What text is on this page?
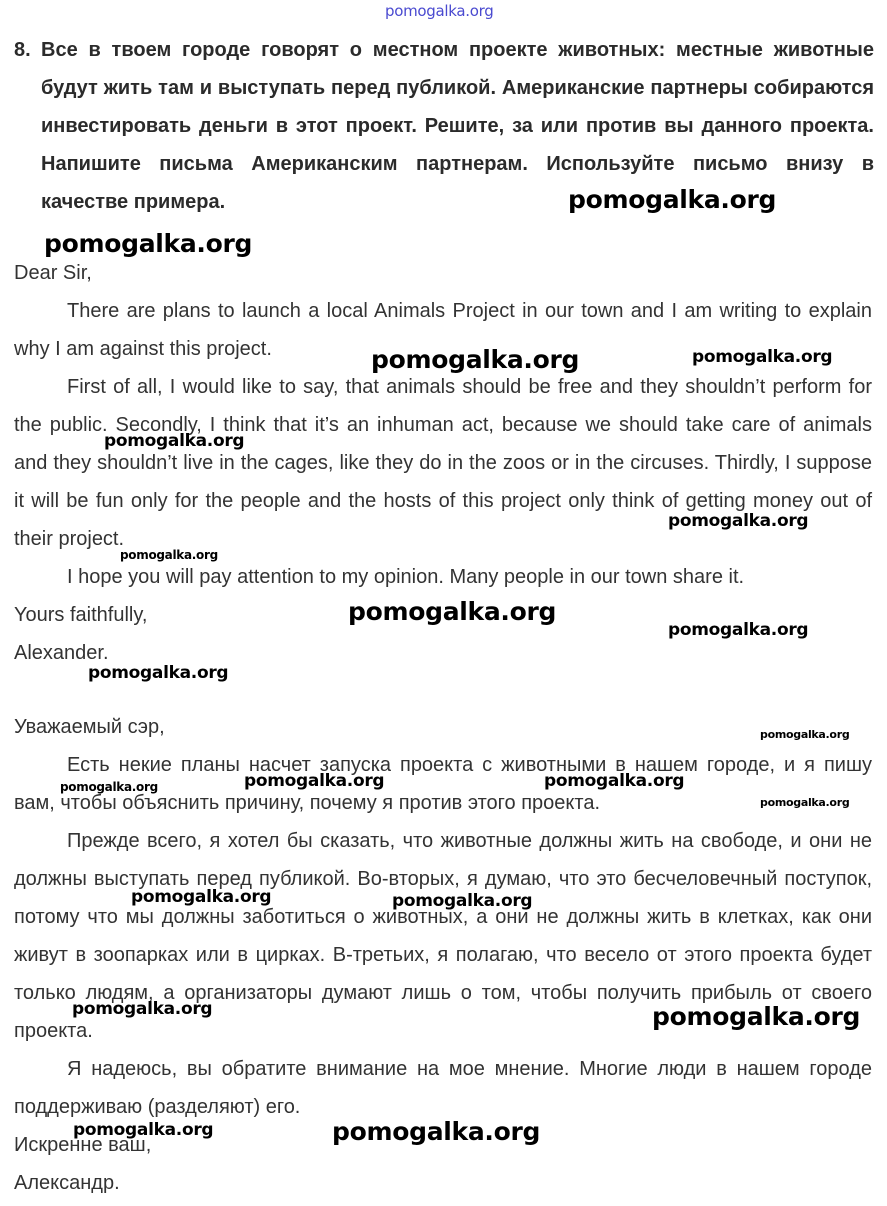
pomogalka.org
8. Все в твоем городе говорят о местном проекте животных: местные животные будут жить там и выступать перед публикой. Американские партнеры собираются инвестировать деньги в этот проект. Решите, за или против вы данного проекта. Напишите письма Американским партнерам. Используйте письмо внизу в качестве примера.

Dear Sir,

There are plans to launch a local Animals Project in our town and I am writing to explain why I am against this project.

First of all, I would like to say, that animals should be free and they shouldn’t perform for the public. Secondly, I think that it’s an inhuman act, because we should take care of animals and they shouldn’t live in the cages, like they do in the zoos or in the circuses. Thirdly, I suppose it will be fun only for the people and the hosts of this project only think of getting money out of their project.

I hope you will pay attention to my opinion. Many people in our town share it.

Yours faithfully,

Alexander.

Уважаемый сэр,

Есть некие планы насчет запуска проекта с животными в нашем городе, и я пишу вам, чтобы объяснить причину, почему я против этого проекта.

Прежде всего, я хотел бы сказать, что животные должны жить на свободе, и они не должны выступать перед публикой. Во-вторых, я думаю, что это бесчеловечный поступок, потому что мы должны заботиться о животных, а они не должны жить в клетках, как они живут в зоопарках или в цирках. В-третьих, я полагаю, что весело от этого проекта будет только людям, а организаторы думают лишь о том, чтобы получить прибыль от своего проекта.

Я надеюсь, вы обратите внимание на мое мнение. Многие люди в нашем городе поддерживаю (разделяют) его.

Искренне ваш,

Александр.

pomogalka.org
pomogalka.org
pomogalka.org	pomogalka.org
pomogalka.org
pomogalka.org
pomogalka.org
pomogalka.org
pomogalka.org
pomogalka.org
pomogalka.org
pomogalka.org	pomogalka.org
pomogalka.org
pomogalka.org
pomogalka.org	pomogalka.org
pomogalka.org	pomogalka.org
pomogalka.org	pomogalka.org
